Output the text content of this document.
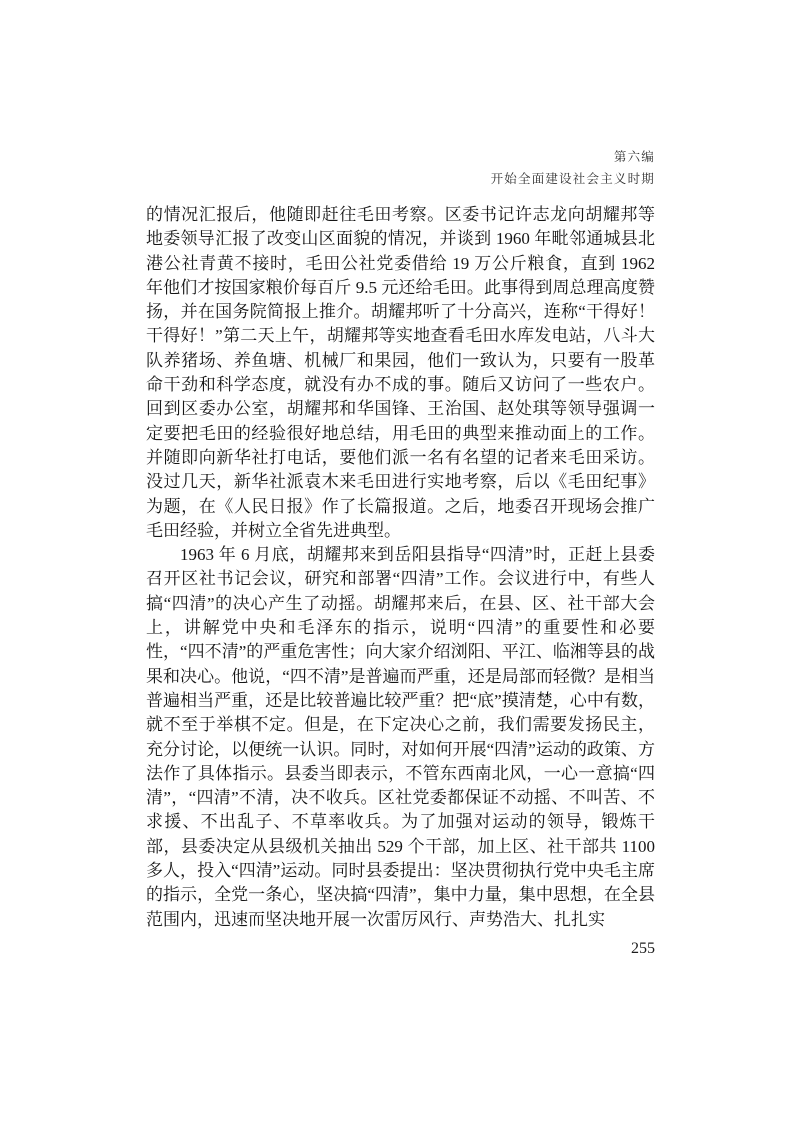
第六编
开始全面建设社会主义时期

的情况汇报后，他随即赶往毛田考察。区委书记许志龙向胡耀邦等地委领导汇报了改变山区面貌的情况，并谈到 1960 年毗邻通城县北港公社青黄不接时，毛田公社党委借给 19 万公斤粮食，直到 1962 年他们才按国家粮价每百斤 9.5 元还给毛田。此事得到周总理高度赞扬，并在国务院简报上推介。胡耀邦听了十分高兴，连称“干得好！干得好！”第二天上午，胡耀邦等实地查看毛田水库发电站，八斗大队养猪场、养鱼塘、机械厂和果园，他们一致认为，只要有一股革命干劲和科学态度，就没有办不成的事。随后又访问了一些农户。回到区委办公室，胡耀邦和华国锋、王治国、赵处琪等领导强调一定要把毛田的经验很好地总结，用毛田的典型来推动面上的工作。并随即向新华社打电话，要他们派一名有名望的记者来毛田采访。没过几天，新华社派袁木来毛田进行实地考察，后以《毛田纪事》为题，在《人民日报》作了长篇报道。之后，地委召开现场会推广毛田经验，并树立全省先进典型。

1963 年 6 月底，胡耀邦来到岳阳县指导“四清”时，正赶上县委召开区社书记会议，研究和部署“四清”工作。会议进行中，有些人搞“四清”的决心产生了动摇。胡耀邦来后，在县、区、社干部大会上，讲解党中央和毛泽东的指示，说明“四清”的重要性和必要性，“四不清”的严重危害性；向大家介绍浏阳、平江、临湘等县的战果和决心。他说，“四不清”是普遍而严重，还是局部而轻微？是相当普遍相当严重，还是比较普遍比较严重？把“底”摸清楚，心中有数，就不至于举棋不定。但是，在下定决心之前，我们需要发扬民主，充分讨论，以便统一认识。同时，对如何开展“四清”运动的政策、方法作了具体指示。县委当即表示，不管东西南北风，一心一意搞“四清”，“四清”不清，决不收兵。区社党委都保证不动摇、不叫苦、不求援、不出乱子、不草率收兵。为了加强对运动的领导，锻炼干部，县委决定从县级机关抽出 529 个干部，加上区、社干部共 1100 多人，投入“四清”运动。同时县委提出：坚决贯彻执行党中央毛主席的指示，全党一条心，坚决搞“四清”，集中力量，集中思想，在全县范围内，迅速而坚决地开展一次雷厉风行、声势浩大、扎扎实

255
